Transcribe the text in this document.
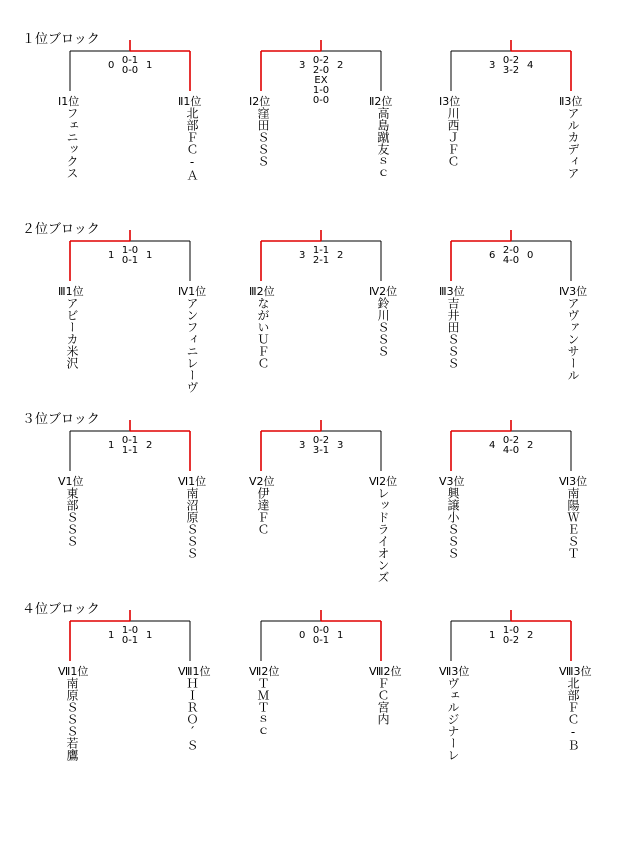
１位ブロック
0-1
0-0
0	1
Ⅰ1位	Ⅱ1位
フェニックス	北部ＦＣ-Ａ
0-2
2-0
EX
1-0
0-0
3	2
Ⅰ2位	Ⅱ2位
窪田ＳＳＳ	高島蹴友ｓｃ
0-2
3-2
3	4
Ⅰ3位	Ⅱ3位
川西ＪＦＣ	アルカディア
２位ブロック
1-0
0-1
1	1
Ⅲ1位	Ⅳ1位
アビーカ米沢	アンフィニレーヴ
1-1
2-1
3	2
Ⅲ2位	Ⅳ2位
ながいＵＦＣ	鈴川ＳＳＳ
2-0
4-0
6	0
Ⅲ3位	Ⅳ3位
吉井田ＳＳＳ	アヴァンサール
３位ブロック
0-1
1-1
1	2
Ⅴ1位	Ⅵ1位
東部ＳＳＳ	南沼原ＳＳＳ
0-2
3-1
3	3
Ⅴ2位	Ⅵ2位
伊達ＦＣ	レッドライオンズ
0-2
4-0
4	2
Ⅴ3位	Ⅵ3位
興譲小ＳＳＳ	南陽ＷＥＳＴ
４位ブロック
1-0
0-1
1	1
Ⅶ1位	Ⅷ1位
南原ＳＳＳ若鷹	ＨＩＲＯ´Ｓ
0-0
0-1
0	1
Ⅶ2位	Ⅷ2位
ＴＭＴｓｃ	ＦＣ宮内
1-0
0-2
1	2
Ⅶ3位	Ⅷ3位
ヴェルジナーレ	北部ＦＣ-Ｂ
